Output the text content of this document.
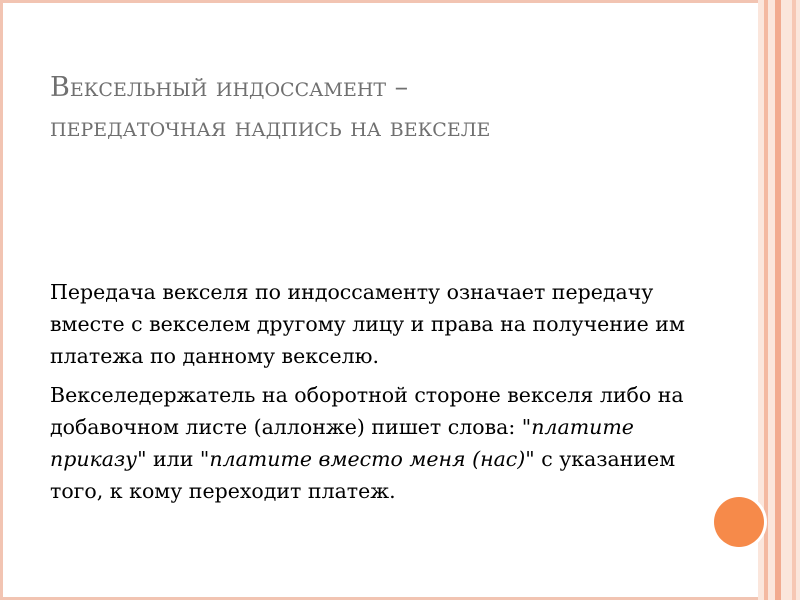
Вексельный индоссамент –
передаточная надпись на векселе

Передача векселя по индоссаменту означает передачу вместе с векселем другому лицу и права на получение им платежа по данному векселю.

Векселедержатель на оборотной стороне векселя либо на добавочном листе (аллонже) пишет слова: "платите приказу" или "платите вместо меня (нас)" с указанием того, к кому переходит платеж.
